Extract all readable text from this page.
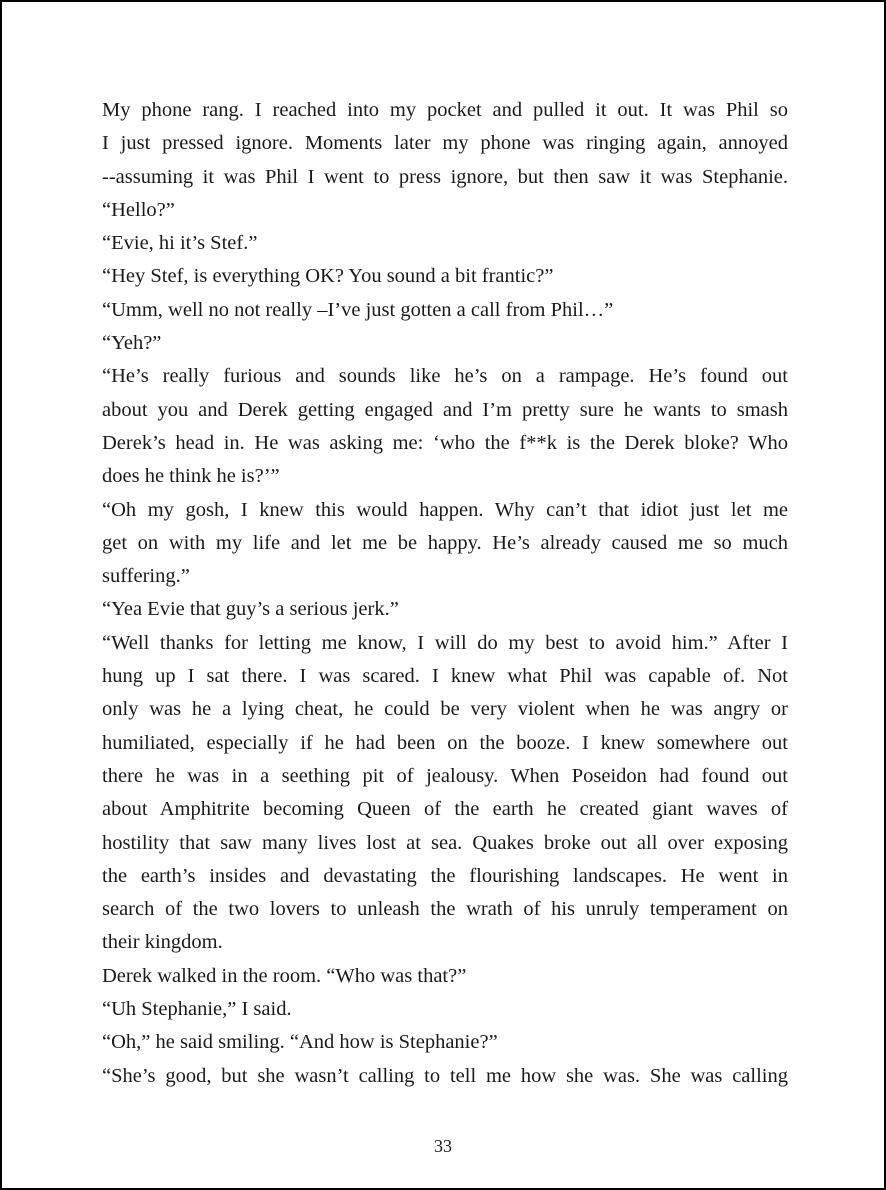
My phone rang. I reached into my pocket and pulled it out. It was Phil so
I just pressed ignore. Moments later my phone was ringing again, annoyed
--assuming it was Phil I went to press ignore, but then saw it was Stephanie.
“Hello?”
“Evie, hi it’s Stef.”
“Hey Stef, is everything OK? You sound a bit frantic?”
“Umm, well no not really –I’ve just gotten a call from Phil…”
“Yeh?”
“He’s really furious and sounds like he’s on a rampage. He’s found out
about you and Derek getting engaged and I’m pretty sure he wants to smash
Derek’s head in. He was asking me: ‘who the f**k is the Derek bloke? Who
does he think he is?’”
“Oh my gosh, I knew this would happen. Why can’t that idiot just let me
get on with my life and let me be happy. He’s already caused me so much
suffering.”
“Yea Evie that guy’s a serious jerk.”
“Well thanks for letting me know, I will do my best to avoid him.” After I
hung up I sat there. I was scared. I knew what Phil was capable of. Not
only was he a lying cheat, he could be very violent when he was angry or
humiliated, especially if he had been on the booze. I knew somewhere out
there he was in a seething pit of jealousy. When Poseidon had found out
about Amphitrite becoming Queen of the earth he created giant waves of
hostility that saw many lives lost at sea. Quakes broke out all over exposing
the earth’s insides and devastating the flourishing landscapes. He went in
search of the two lovers to unleash the wrath of his unruly temperament on
their kingdom.
Derek walked in the room. “Who was that?”
“Uh Stephanie,” I said.
“Oh,” he said smiling. “And how is Stephanie?”
“She’s good, but she wasn’t calling to tell me how she was. She was calling
33
